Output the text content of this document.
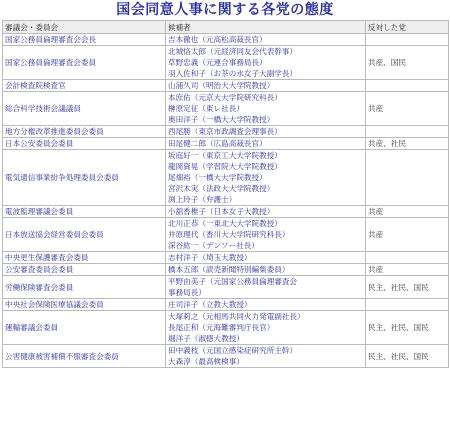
国会同意人事に関する各党の態度
審議会・委員会	候補者	反対した党
国家公務員倫理審査会会長	吉本徹也（元高松高裁長官）	

国家公務員倫理審査会委員	北城恪太郎（元経済同友会代表幹事）
草野忠義（元連合事務局長）
羽入佐和子（お茶の水女子大副学長）	共産、国民
会計検査院検査官	山浦久司（明治大大学院教授）	

総合科学技術会議議員	本庶佑（元京大大学院研究科長）
榊原定征（東レ社長）
奥田洋子（一橋大大学院教授）	共産
地方分権改革推進委員会委員	西尾勝（東京市政調査会理事長）	

日本公安委員会委員	田尾健二郎（広島高裁長官）	共産、社民
電気通信事業紛争処理委員会委員	坂庭好一（東京工大大学院教授）
龍岡資晃（学習院大大学院教授）
尾畑裕（一橋大大学院教授）
宮沢木実（法政大大学院教授）
渕上玲子（弁護士）	

電波監理審議会委員	小舘香椎子（日本女子大教授）	共産
日本放送協会経営委員会委員	北川正恭（一東北大大学院教授）
井原理代（香川大大学院研究科長）
深谷紘一（デンソー社長）	共産
中央更生保護審査会委員	志村洋子（埼玉大教授）	

公安審査委員会委員	橋本五郎（読売新聞特別編集委員）	共産
労働保険審査会委員	平野由美子（元国家公務員倫理審査会
事務局長）	民主、社民、国民
中央社会保険医療協議会委員	庄司洋子（立教大教授）	

運輸審議会委員	大塚莉之（元相馬共同火力発電副社長）
長尾正和（元海難審判庁長官）
堀洋子（淑徳大教授）	民主、社民、国民
公害健康被害補償不服審査会委員	田中義枝（元国立感染症研究所主幹）
大森淳（最高検検事）	民主、社民、国民
